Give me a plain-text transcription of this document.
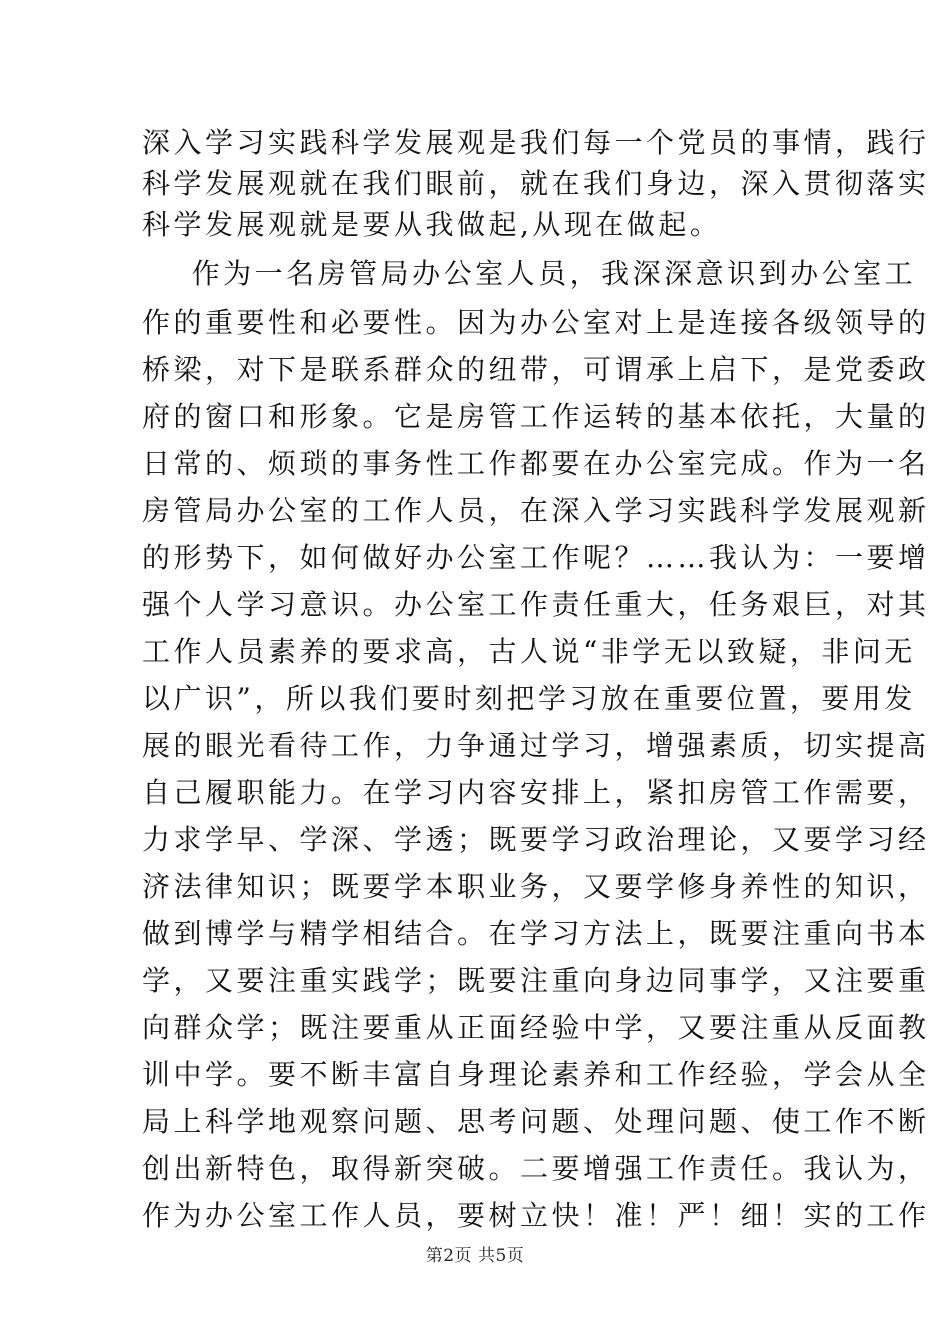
深入学习实践科学发展观是我们每一个党员的事情，践行
科学发展观就在我们眼前，就在我们身边，深入贯彻落实
科学发展观就是要从我做起,从现在做起。
作为一名房管局办公室人员，我深深意识到办公室工
作的重要性和必要性。因为办公室对上是连接各级领导的
桥梁，对下是联系群众的纽带，可谓承上启下，是党委政
府的窗口和形象。它是房管工作运转的基本依托，大量的
日常的、烦琐的事务性工作都要在办公室完成。作为一名
房管局办公室的工作人员，在深入学习实践科学发展观新
的形势下，如何做好办公室工作呢？……我认为：一要增
强个人学习意识。办公室工作责任重大，任务艰巨，对其
工作人员素养的要求高，古人说“非学无以致疑，非问无
以广识”，所以我们要时刻把学习放在重要位置，要用发
展的眼光看待工作，力争通过学习，增强素质，切实提高
自己履职能力。在学习内容安排上，紧扣房管工作需要，
力求学早、学深、学透；既要学习政治理论，又要学习经
济法律知识；既要学本职业务，又要学修身养性的知识，
做到博学与精学相结合。在学习方法上，既要注重向书本
学，又要注重实践学；既要注重向身边同事学，又注要重
向群众学；既注要重从正面经验中学，又要注重从反面教
训中学。要不断丰富自身理论素养和工作经验，学会从全
局上科学地观察问题、思考问题、处理问题、使工作不断
创出新特色，取得新突破。二要增强工作责任。我认为，
作为办公室工作人员，要树立快！准！严！细！实的工作
第2页 共5页
